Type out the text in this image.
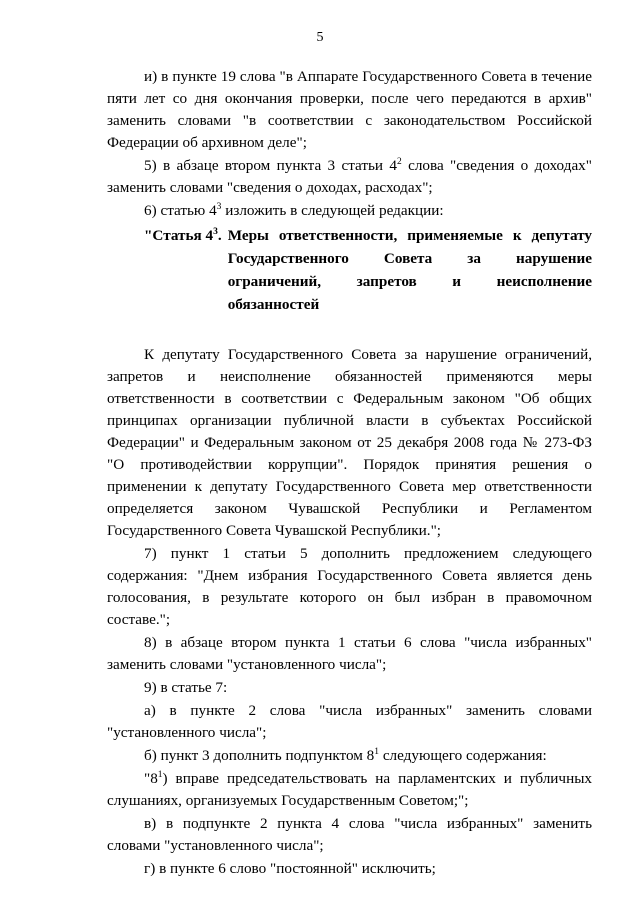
5

и) в пункте 19 слова "в Аппарате Государственного Совета в течение пяти лет со дня окончания проверки, после чего передаются в архив" заменить словами "в соответствии с законодательством Российской Федерации об архивном деле";

5) в абзаце втором пункта 3 статьи $4^2$ слова "сведения о доходах" заменить словами "сведения о доходах, расходах";

6) статью $4^3$ изложить в следующей редакции:

"Статья $4^3$. Меры ответственности, применяемые к депутату Государственного Совета за нарушение ограничений, запретов и неисполнение обязанностей

К депутату Государственного Совета за нарушение ограничений, запретов и неисполнение обязанностей применяются меры ответственности в соответствии с Федеральным законом "Об общих принципах организации публичной власти в субъектах Российской Федерации" и Федеральным законом от 25 декабря 2008 года № 273-ФЗ "О противодействии коррупции". Порядок принятия решения о применении к депутату Государственного Совета мер ответственности определяется законом Чувашской Республики и Регламентом Государственного Совета Чувашской Республики.";

7) пункт 1 статьи 5 дополнить предложением следующего содержания: "Днем избрания Государственного Совета является день голосования, в результате которого он был избран в правомочном составе.";

8) в абзаце втором пункта 1 статьи 6 слова "числа избранных" заменить словами "установленного числа";

9) в статье 7:

а) в пункте 2 слова "числа избранных" заменить словами "установленного числа";

б) пункт 3 дополнить подпунктом $8^1$ следующего содержания:

"$8^1$) вправе председательствовать на парламентских и публичных слушаниях, организуемых Государственным Советом;";

в) в подпункте 2 пункта 4 слова "числа избранных" заменить словами "установленного числа";

г) в пункте 6 слово "постоянной" исключить;
